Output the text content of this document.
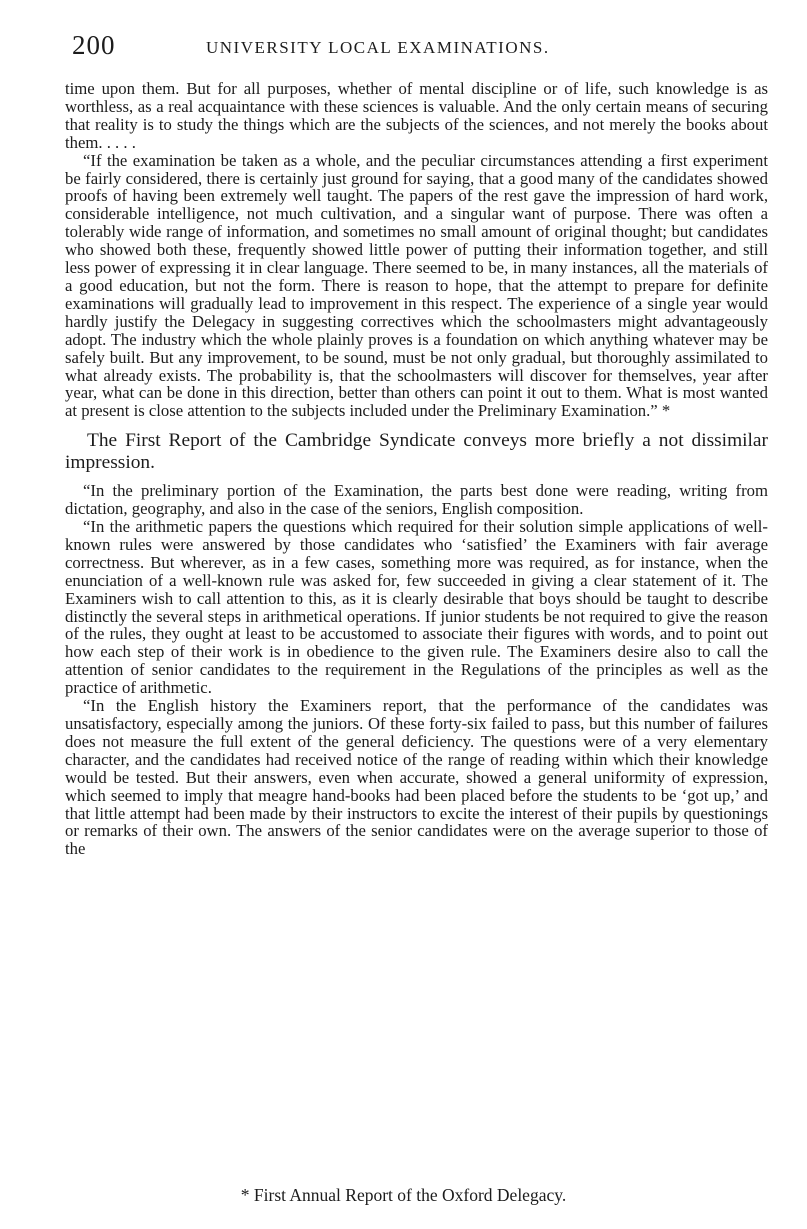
200	UNIVERSITY LOCAL EXAMINATIONS.

time upon them. But for all purposes, whether of mental discipline or of life, such knowledge is as worthless, as a real acquaintance with these sciences is valuable. And the only certain means of securing that reality is to study the things which are the subjects of the sciences, and not merely the books about them. . . . .

“If the examination be taken as a whole, and the peculiar circumstances attending a first experiment be fairly considered, there is certainly just ground for saying, that a good many of the candidates showed proofs of having been extremely well taught. The papers of the rest gave the impression of hard work, considerable intelligence, not much cultivation, and a singular want of purpose. There was often a tolerably wide range of information, and sometimes no small amount of original thought; but candidates who showed both these, frequently showed little power of putting their information together, and still less power of expressing it in clear language. There seemed to be, in many instances, all the materials of a good education, but not the form. There is reason to hope, that the attempt to prepare for definite examinations will gradually lead to improvement in this respect. The experience of a single year would hardly justify the Delegacy in suggesting correctives which the schoolmasters might advantageously adopt. The industry which the whole plainly proves is a foundation on which anything whatever may be safely built. But any improvement, to be sound, must be not only gradual, but thoroughly assimilated to what already exists. The probability is, that the schoolmasters will discover for themselves, year after year, what can be done in this direction, better than others can point it out to them. What is most wanted at present is close attention to the subjects included under the Preliminary Examination.” *

The First Report of the Cambridge Syndicate conveys more briefly a not dissimilar impression.

“In the preliminary portion of the Examination, the parts best done were reading, writing from dictation, geography, and also in the case of the seniors, English composition.

“In the arithmetic papers the questions which required for their solution simple applications of well-known rules were answered by those candidates who ‘satisfied’ the Examiners with fair average correctness. But wherever, as in a few cases, something more was required, as for instance, when the enunciation of a well-known rule was asked for, few succeeded in giving a clear statement of it. The Examiners wish to call attention to this, as it is clearly desirable that boys should be taught to describe distinctly the several steps in arithmetical operations. If junior students be not required to give the reason of the rules, they ought at least to be accustomed to associate their figures with words, and to point out how each step of their work is in obedience to the given rule. The Examiners desire also to call the attention of senior candidates to the requirement in the Regulations of the principles as well as the practice of arithmetic.

“In the English history the Examiners report, that the performance of the candidates was unsatisfactory, especially among the juniors. Of these forty-six failed to pass, but this number of failures does not measure the full extent of the general deficiency. The questions were of a very elementary character, and the candidates had received notice of the range of reading within which their knowledge would be tested. But their answers, even when accurate, showed a general uniformity of expression, which seemed to imply that meagre hand-books had been placed before the students to be ‘got up,’ and that little attempt had been made by their instructors to excite the interest of their pupils by questionings or remarks of their own. The answers of the senior candidates were on the average superior to those of the

* First Annual Report of the Oxford Delegacy.
